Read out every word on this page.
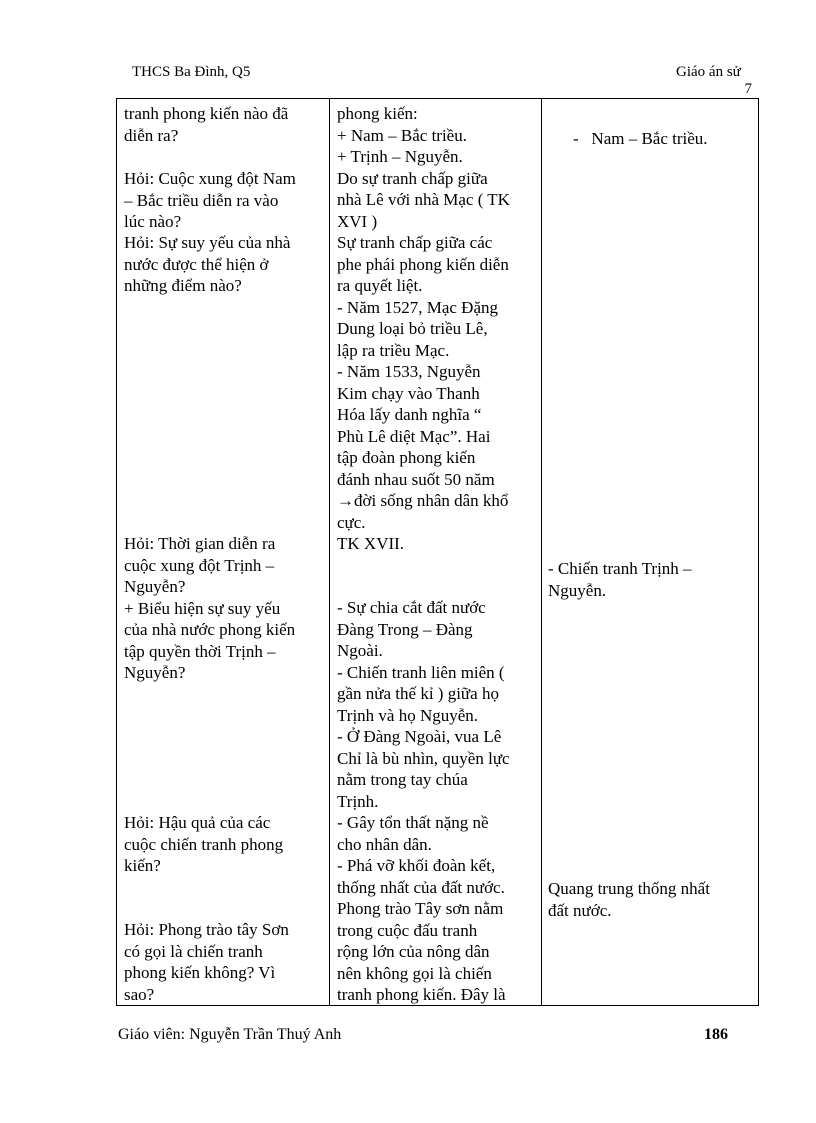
THCS Ba Đình, Q5	Giáo án sử
7
tranh phong kiến nào đã
diễn ra?
Hỏi: Cuộc xung đột Nam
– Bắc triều diễn ra vào
lúc nào?
Hỏi: Sự suy yếu của nhà
nước được thể hiện ở
những điểm nào?
Hỏi: Thời gian diễn ra
cuộc xung đột Trịnh –
Nguyễn?
+ Biểu hiện sự suy yếu
của nhà nước phong kiến
tập quyền thời Trịnh –
Nguyễn?
Hỏi: Hậu quả của các
cuộc chiến tranh phong
kiến?
Hỏi: Phong trào tây Sơn
có gọi là chiến tranh
phong kiến không? Vì
sao?
phong kiến:
+ Nam – Bắc triều.
+ Trịnh – Nguyễn.
Do sự tranh chấp giữa
nhà Lê với nhà Mạc ( TK
XVI )
Sự tranh chấp giữa các
phe phái phong kiến diễn
ra quyết liệt.
- Năm 1527, Mạc Đặng
Dung loại bỏ triều Lê,
lập ra triều Mạc.
- Năm 1533, Nguyễn
Kim chạy vào Thanh
Hóa lấy danh nghĩa “
Phù Lê diệt Mạc”. Hai
tập đoàn phong kiến
đánh nhau suốt 50 năm
→đời sống nhân dân khổ
cực.
TK XVII.
- Sự chia cắt đất nước
Đàng Trong – Đàng
Ngoài.
- Chiến tranh liên miên (
gần nửa thế kỉ ) giữa họ
Trịnh và họ Nguyễn.
- Ở Đàng Ngoài, vua Lê
Chỉ là bù nhìn, quyền lực
nằm trong tay chúa
Trịnh.
- Gây tổn thất nặng nề
cho nhân dân.
- Phá vỡ khối đoàn kết,
thống nhất của đất nước.
Phong trào Tây sơn nằm
trong cuộc đấu tranh
rộng lớn của nông dân
nên không gọi là chiến
tranh phong kiến. Đây là
-   Nam – Bắc triều.
- Chiến tranh Trịnh –
Nguyễn.
Quang trung thống nhất
đất nước.
Giáo viên: Nguyễn Trần Thuý Anh	186
